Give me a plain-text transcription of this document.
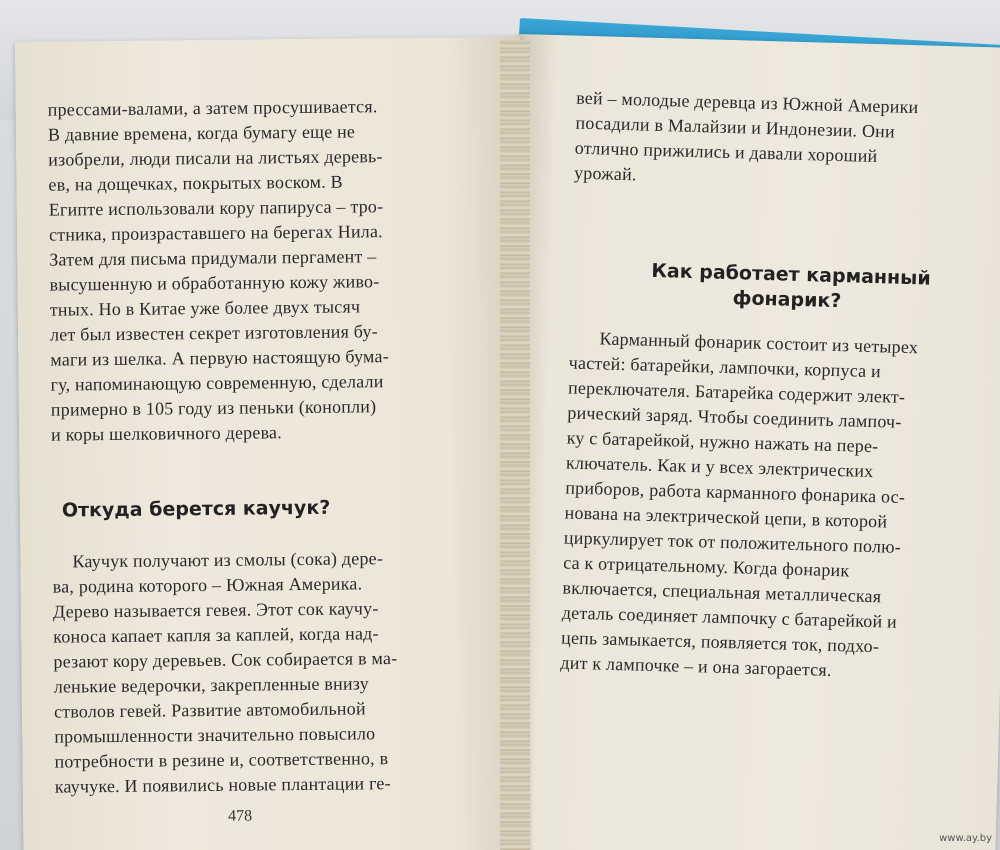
вей – молодые деревца из Южной Америки
посадили в Малайзии и Индонезии. Они
отлично прижились и давали хороший
урожай.
Как работает карманный
фонарик?
Карманный фонарик состоит из четырех
частей: батарейки, лампочки, корпуса и
переключателя. Батарейка содержит элект-
рический заряд. Чтобы соединить лампоч-
ку с батарейкой, нужно нажать на пере-
ключатель. Как и у всех электрических
приборов, работа карманного фонарика ос-
нована на электрической цепи, в которой
циркулирует ток от положительного полю-
са к отрицательному. Когда фонарик
включается, специальная металлическая
деталь соединяет лампочку с батарейкой и
цепь замыкается, появляется ток, подхо-
дит к лампочке – и она загорается.
прессами-валами, а затем просушивается.
В давние времена, когда бумагу еще не
изобрели, люди писали на листьях деревь-
ев, на дощечках, покрытых воском. В
Египте использовали кору папируса – тро-
стника, произраставшего на берегах Нила.
Затем для письма придумали пергамент –
высушенную и обработанную кожу живо-
тных. Но в Китае уже более двух тысяч
лет был известен секрет изготовления бу-
маги из шелка. А первую настоящую бума-
гу, напоминающую современную, сделали
примерно в 105 году из пеньки (конопли)
и коры шелковичного дерева.
Откуда берется каучук?
Каучук получают из смолы (сока) дере-
ва, родина которого – Южная Америка.
Дерево называется гевея. Этот сок каучу-
коноса капает капля за каплей, когда над-
резают кору деревьев. Сок собирается в ма-
ленькие ведерочки, закрепленные внизу
стволов гевей. Развитие автомобильной
промышленности значительно повысило
потребности в резине и, соответственно, в
каучуке. И появились новые плантации ге-
478
www.ay.by
